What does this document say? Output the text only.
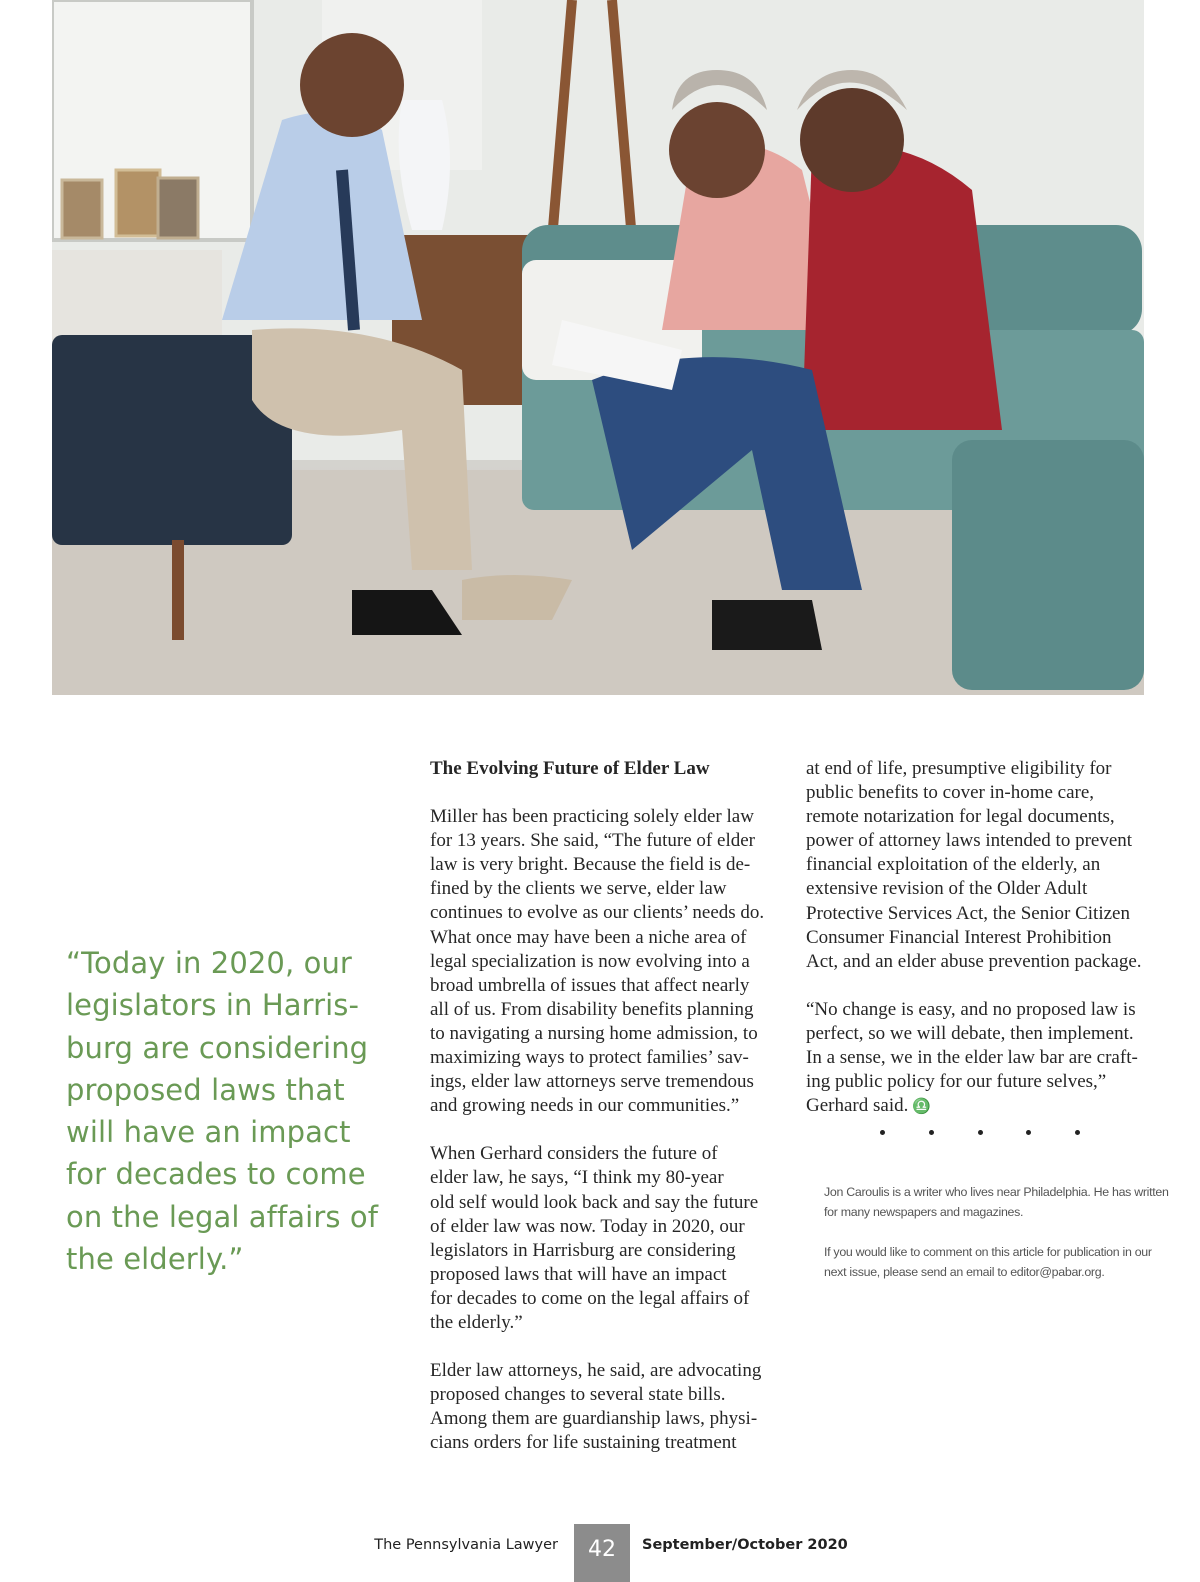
“Today in 2020, our
legislators in Harris-
burg are considering
proposed laws that
will have an impact
for decades to come
on the legal affairs of
the elderly.”
The Evolving Future of Elder Law
Miller has been practicing solely elder law
for 13 years. She said, “The future of elder
law is very bright. Because the field is de-
fined by the clients we serve, elder law
continues to evolve as our clients’ needs do.
What once may have been a niche area of
legal specialization is now evolving into a
broad umbrella of issues that affect nearly
all of us. From disability benefits planning
to navigating a nursing home admission, to
maximizing ways to protect families’ sav-
ings, elder law attorneys serve tremendous
and growing needs in our communities.”
When Gerhard considers the future of
elder law, he says, “I think my 80-year
old self would look back and say the future
of elder law was now. Today in 2020, our
legislators in Harrisburg are considering
proposed laws that will have an impact
for decades to come on the legal affairs of
the elderly.”
Elder law attorneys, he said, are advocating
proposed changes to several state bills.
Among them are guardianship laws, physi-
cians orders for life sustaining treatment
at end of life, presumptive eligibility for
public benefits to cover in-home care,
remote notarization for legal documents,
power of attorney laws intended to prevent
financial exploitation of the elderly, an
extensive revision of the Older Adult
Protective Services Act, the Senior Citizen
Consumer Financial Interest Prohibition
Act, and an elder abuse prevention package.
“No change is easy, and no proposed law is
perfect, so we will debate, then implement.
In a sense, we in the elder law bar are craft-
ing public policy for our future selves,”
Gerhard said. ♎
Jon Caroulis is a writer who lives near Philadelphia. He has written
for many newspapers and magazines.
If you would like to comment on this article for publication in our
next issue, please send an email to editor@pabar.org.
The Pennsylvania Lawyer	42	September/October 2020
